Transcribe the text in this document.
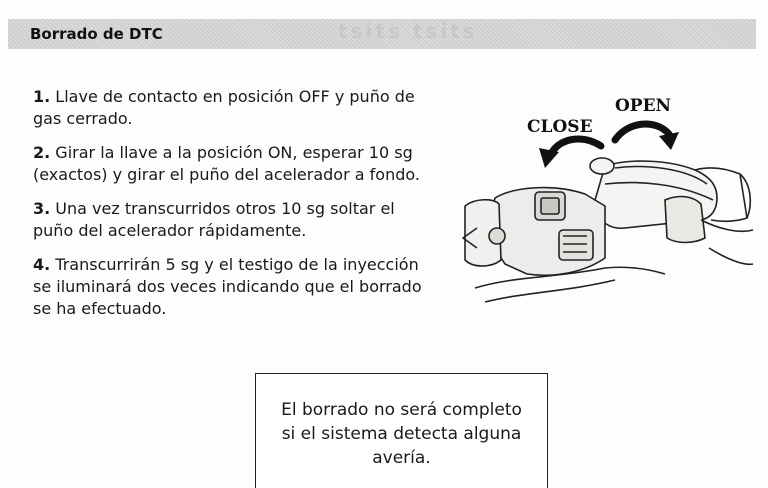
Borrado de DTC	tsits tsits
1. Llave de contacto en posición OFF y puño de gas cerrado.
2. Girar la llave a la posición ON, esperar 10 sg (exactos) y girar el puño del acelerador a fondo.
3. Una vez transcurridos otros 10 sg soltar el puño del acelerador rápidamente.
4. Transcurrirán 5 sg y el testigo de la inyección se iluminará dos veces indicando que el borrado se ha efectuado.
OPEN
CLOSE
El borrado no será completo
si el sistema detecta alguna
avería.
